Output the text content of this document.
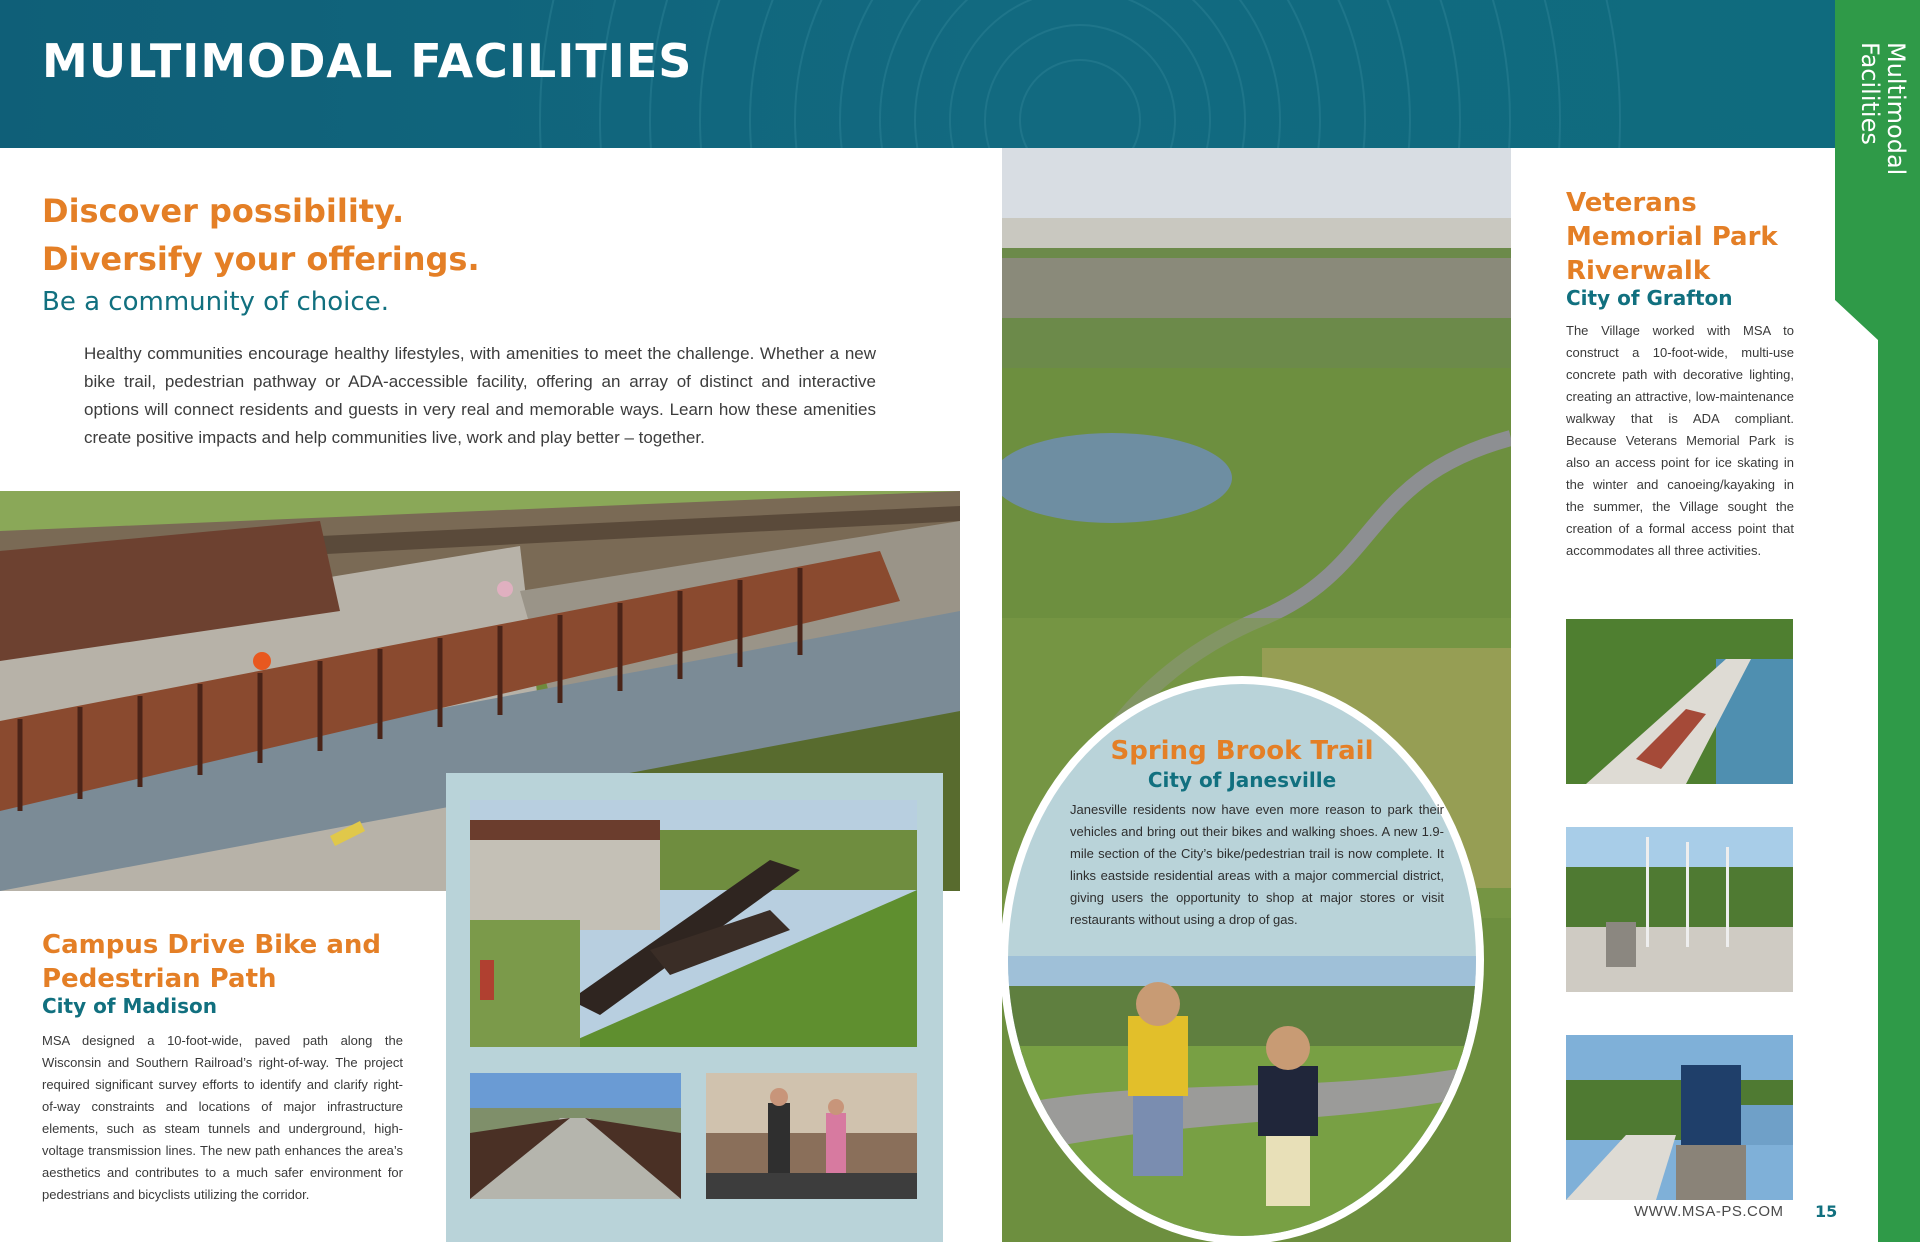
MULTIMODAL FACILITIES	Multimodal Facilities
Discover possibility.
Diversify your offerings.
Be a community of choice.

Healthy communities encourage healthy lifestyles, with amenities to meet the challenge. Whether a new bike trail, pedestrian pathway or ADA-accessible facility, offering an array of distinct and interactive options will connect residents and guests in very real and memorable ways. Learn how these amenities create positive impacts and help communities live, work and play better – together.

Campus Drive Bike and Pedestrian Path
City of Madison

MSA designed a 10-foot-wide, paved path along the Wisconsin and Southern Railroad’s right-of-way. The project required significant survey efforts to identify and clarify right-of-way constraints and locations of major infrastructure elements, such as steam tunnels and underground, high-voltage transmission lines. The new path enhances the area’s aesthetics and contributes to a much safer environment for pedestrians and bicyclists utilizing the corridor.

Spring Brook Trail
City of Janesville

Janesville residents now have even more reason to park their vehicles and bring out their bikes and walking shoes. A new 1.9-mile section of the City’s bike/pedestrian trail is now complete. It links eastside residential areas with a major commercial district, giving users the opportunity to shop at major stores or visit restaurants without using a drop of gas.

Veterans Memorial Park Riverwalk
City of Grafton

The Village worked with MSA to construct a 10-foot-wide, multi-use concrete path with decorative lighting, creating an attractive, low-maintenance walkway that is ADA compliant. Because Veterans Memorial Park is also an access point for ice skating in the winter and canoeing/kayaking in the summer, the Village sought the creation of a formal access point that accommodates all three activities.

WWW.MSA-PS.COM 15
